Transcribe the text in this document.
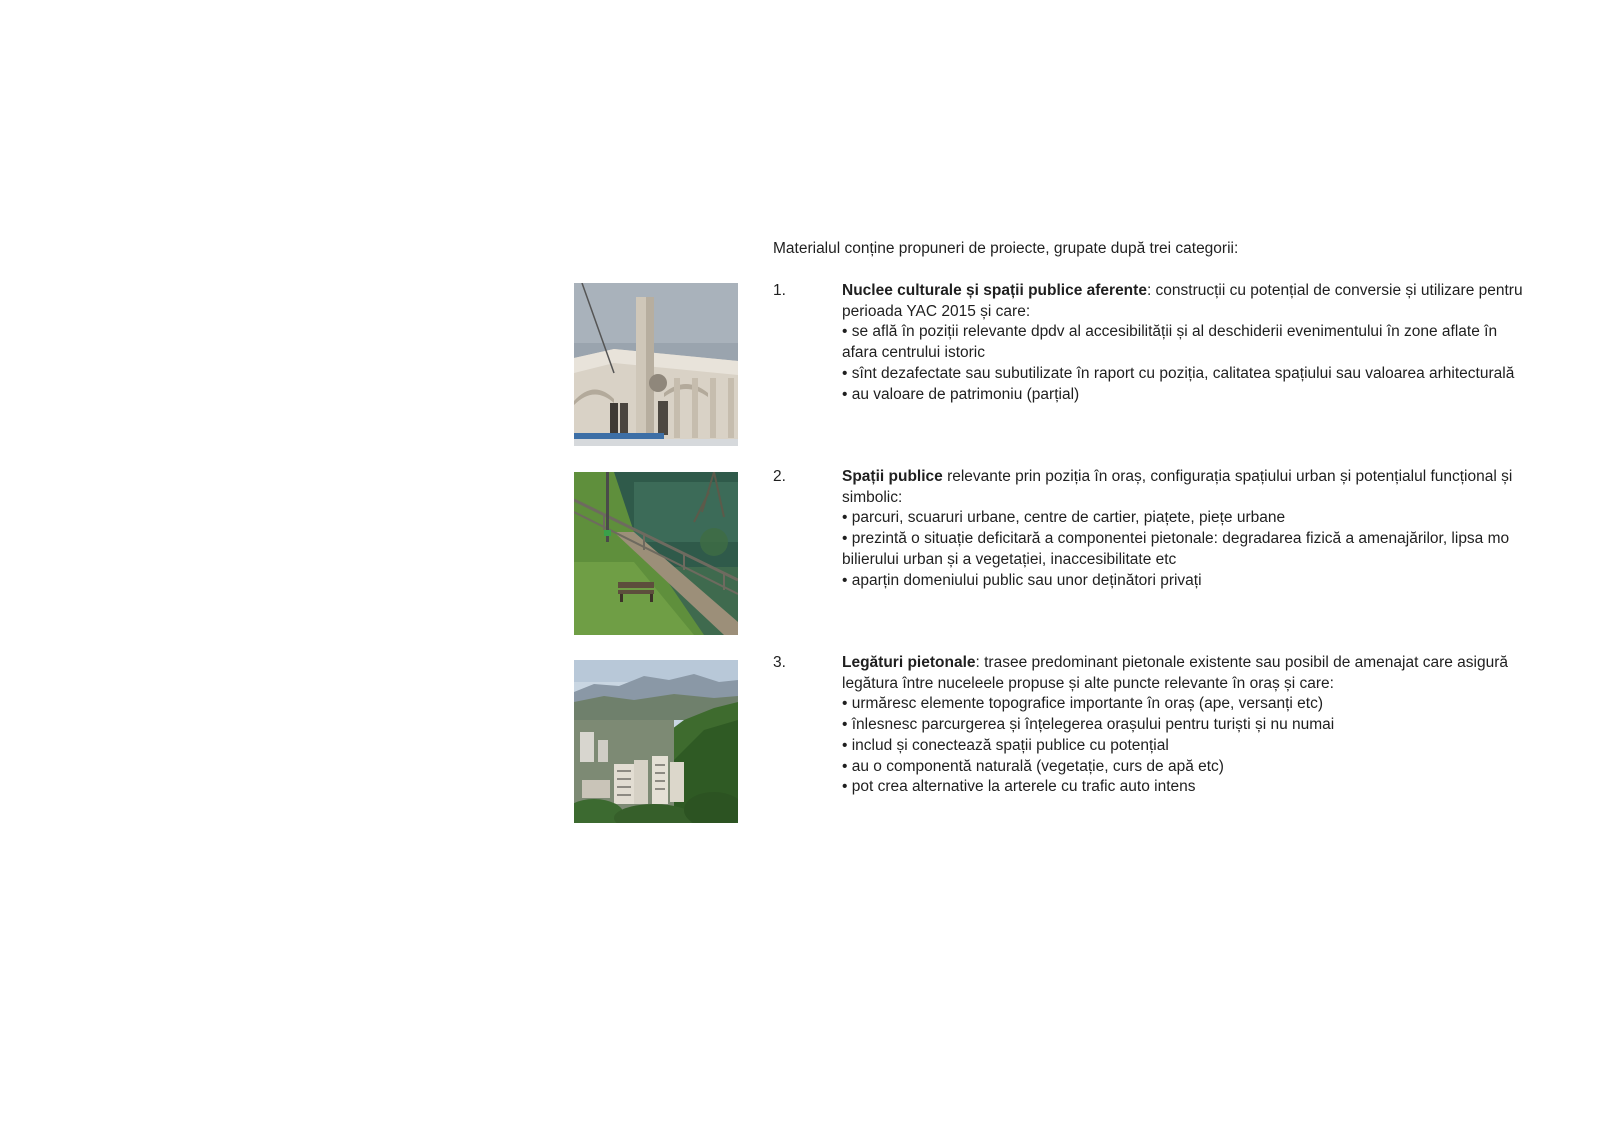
Materialul conține propuneri de proiecte, grupate după trei categorii:
1.	Nuclee culturale și spații publice aferente: construcții cu potențial de conversie și utilizare pentru
perioada YAC 2015 și care:
• se află în poziții relevante dpdv al accesibilității și al deschiderii evenimentului în zone aflate în
afara centrului istoric
• sînt dezafectate sau subutilizate în raport cu poziția, calitatea spațiului sau valoarea arhitecturală
• au valoare de patrimoniu (parțial)
2.	Spații publice relevante prin poziția în oraș, configurația spațiului urban și potențialul funcțional și
simbolic:
• parcuri, scuaruri urbane, centre de cartier, piațete, piețe urbane
• prezintă o situație deficitară a componentei pietonale: degradarea fizică a amenajărilor, lipsa mo
bilierului urban și a vegetației, inaccesibilitate etc
• aparțin domeniului public sau unor deținători privați
3.	Legături pietonale: trasee predominant pietonale existente sau posibil de amenajat care asigură
legătura între nuceleele propuse și alte puncte relevante în oraș și care:
• urmăresc elemente topografice importante în oraș (ape, versanți etc)
• înlesnesc parcurgerea și înțelegerea orașului pentru turiști și nu numai
• includ și conectează spații publice cu potențial
• au o componentă naturală (vegetație, curs de apă etc)
• pot crea alternative la arterele cu trafic auto intens
